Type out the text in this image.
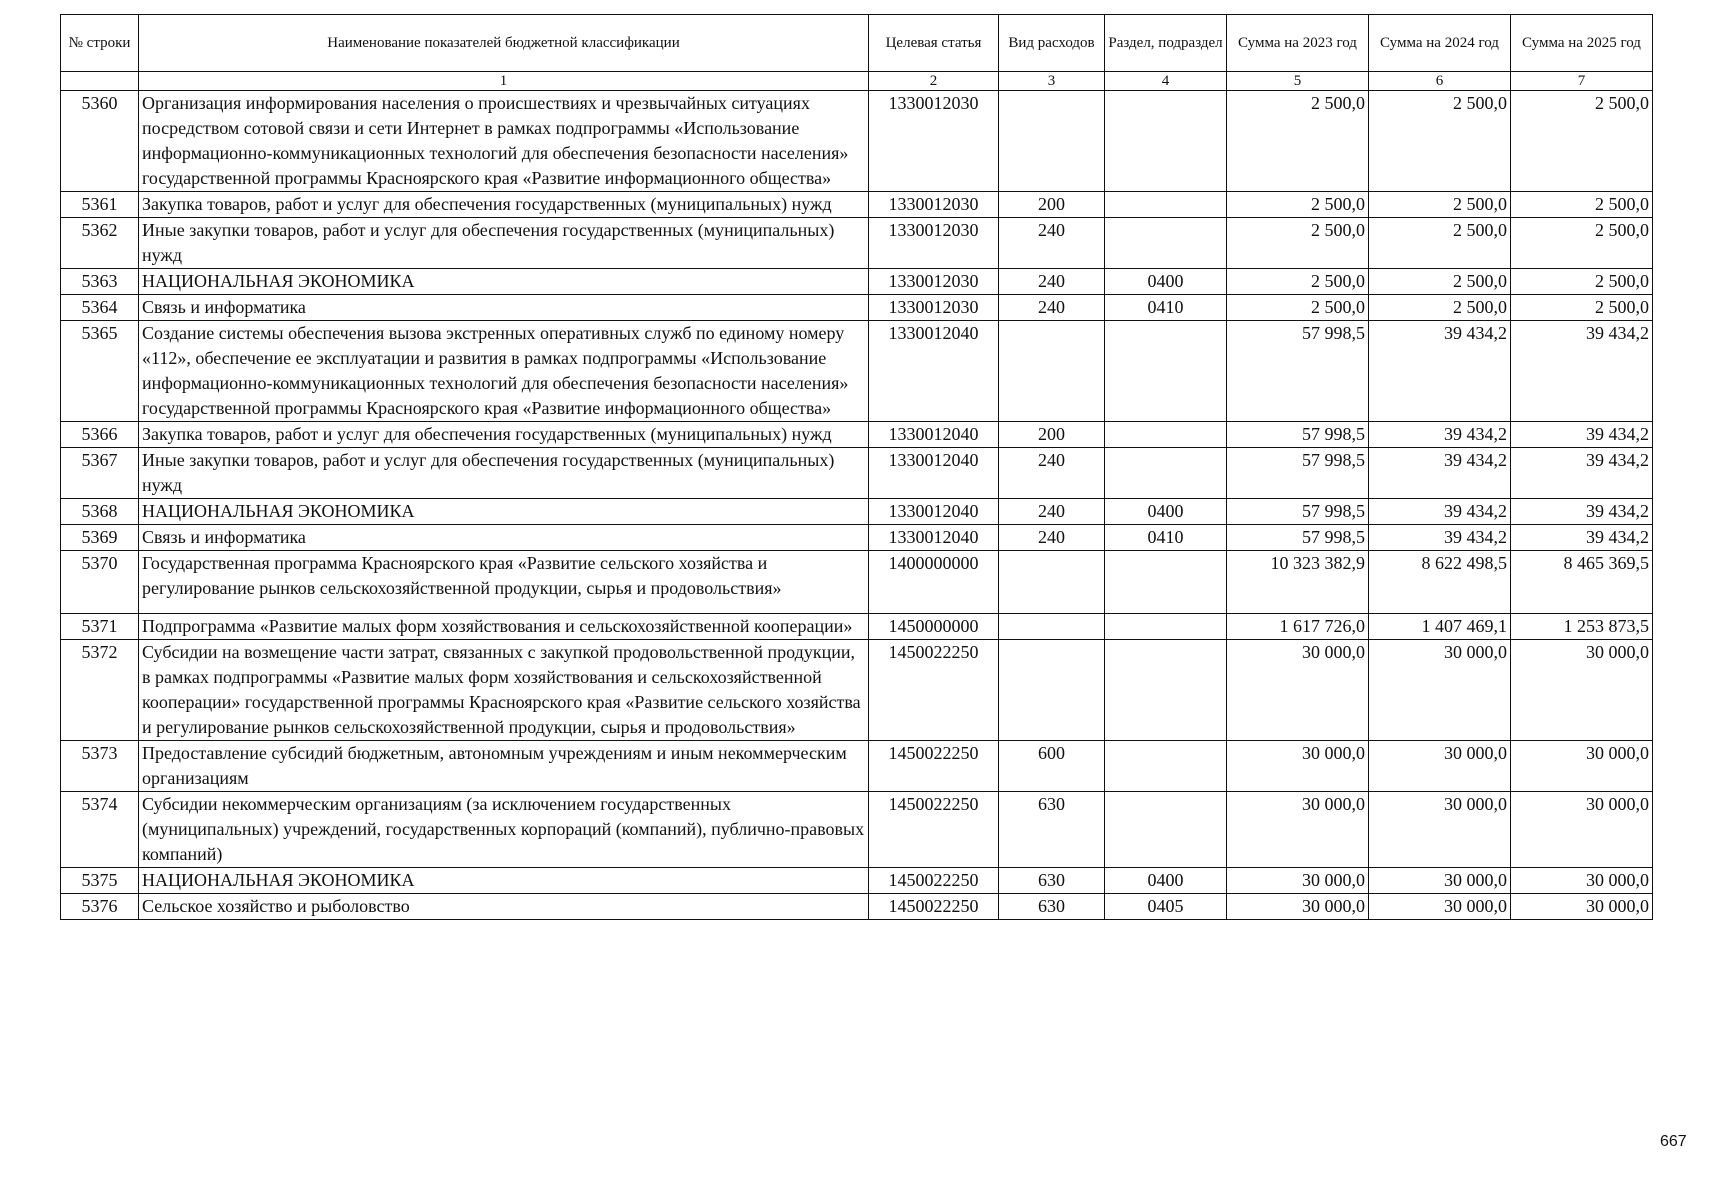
№ строки	Наименование показателей бюджетной классификации	Целевая статья	Вид расходов	Раздел, подраздел	Сумма на 2023 год	Сумма на 2024 год	Сумма на 2025 год
	1	2	3	4	5	6	7
5360	Организация информирования населения о происшествиях и чрезвычайных ситуациях посредством сотовой связи и сети Интернет в рамках подпрограммы «Использование информационно-коммуникационных технологий для обеспечения безопасности населения» государственной программы Красноярского края «Развитие информационного общества»	1330012030			2 500,0	2 500,0	2 500,0
5361	Закупка товаров, работ и услуг для обеспечения государственных (муниципальных) нужд	1330012030	200		2 500,0	2 500,0	2 500,0
5362	Иные закупки товаров, работ и услуг для обеспечения государственных (муниципальных) нужд	1330012030	240		2 500,0	2 500,0	2 500,0
5363	НАЦИОНАЛЬНАЯ ЭКОНОМИКА	1330012030	240	0400	2 500,0	2 500,0	2 500,0
5364	Связь и информатика	1330012030	240	0410	2 500,0	2 500,0	2 500,0
5365	Создание системы обеспечения вызова экстренных оперативных служб по единому номеру «112», обеспечение ее эксплуатации и развития в рамках подпрограммы «Использование информационно-коммуникационных технологий для обеспечения безопасности населения» государственной программы Красноярского края «Развитие информационного общества»	1330012040			57 998,5	39 434,2	39 434,2
5366	Закупка товаров, работ и услуг для обеспечения государственных (муниципальных) нужд	1330012040	200		57 998,5	39 434,2	39 434,2
5367	Иные закупки товаров, работ и услуг для обеспечения государственных (муниципальных) нужд	1330012040	240		57 998,5	39 434,2	39 434,2
5368	НАЦИОНАЛЬНАЯ ЭКОНОМИКА	1330012040	240	0400	57 998,5	39 434,2	39 434,2
5369	Связь и информатика	1330012040	240	0410	57 998,5	39 434,2	39 434,2
5370	Государственная программа Красноярского края «Развитие сельского хозяйства и регулирование рынков сельскохозяйственной продукции, сырья и продовольствия»	1400000000			10 323 382,9	8 622 498,5	8 465 369,5
5371	Подпрограмма «Развитие малых форм хозяйствования и сельскохозяйственной кооперации»	1450000000			1 617 726,0	1 407 469,1	1 253 873,5
5372	Субсидии на возмещение части затрат, связанных с закупкой продовольственной продукции, в рамках подпрограммы «Развитие малых форм хозяйствования и сельскохозяйственной кооперации» государственной программы Красноярского края «Развитие сельского хозяйства и регулирование рынков сельскохозяйственной продукции, сырья и продовольствия»	1450022250			30 000,0	30 000,0	30 000,0
5373	Предоставление субсидий бюджетным, автономным учреждениям и иным некоммерческим организациям	1450022250	600		30 000,0	30 000,0	30 000,0
5374	Субсидии некоммерческим организациям (за исключением государственных (муниципальных) учреждений, государственных корпораций (компаний), публично-правовых компаний)	1450022250	630		30 000,0	30 000,0	30 000,0
5375	НАЦИОНАЛЬНАЯ ЭКОНОМИКА	1450022250	630	0400	30 000,0	30 000,0	30 000,0
5376	Сельское хозяйство и рыболовство	1450022250	630	0405	30 000,0	30 000,0	30 000,0
667
